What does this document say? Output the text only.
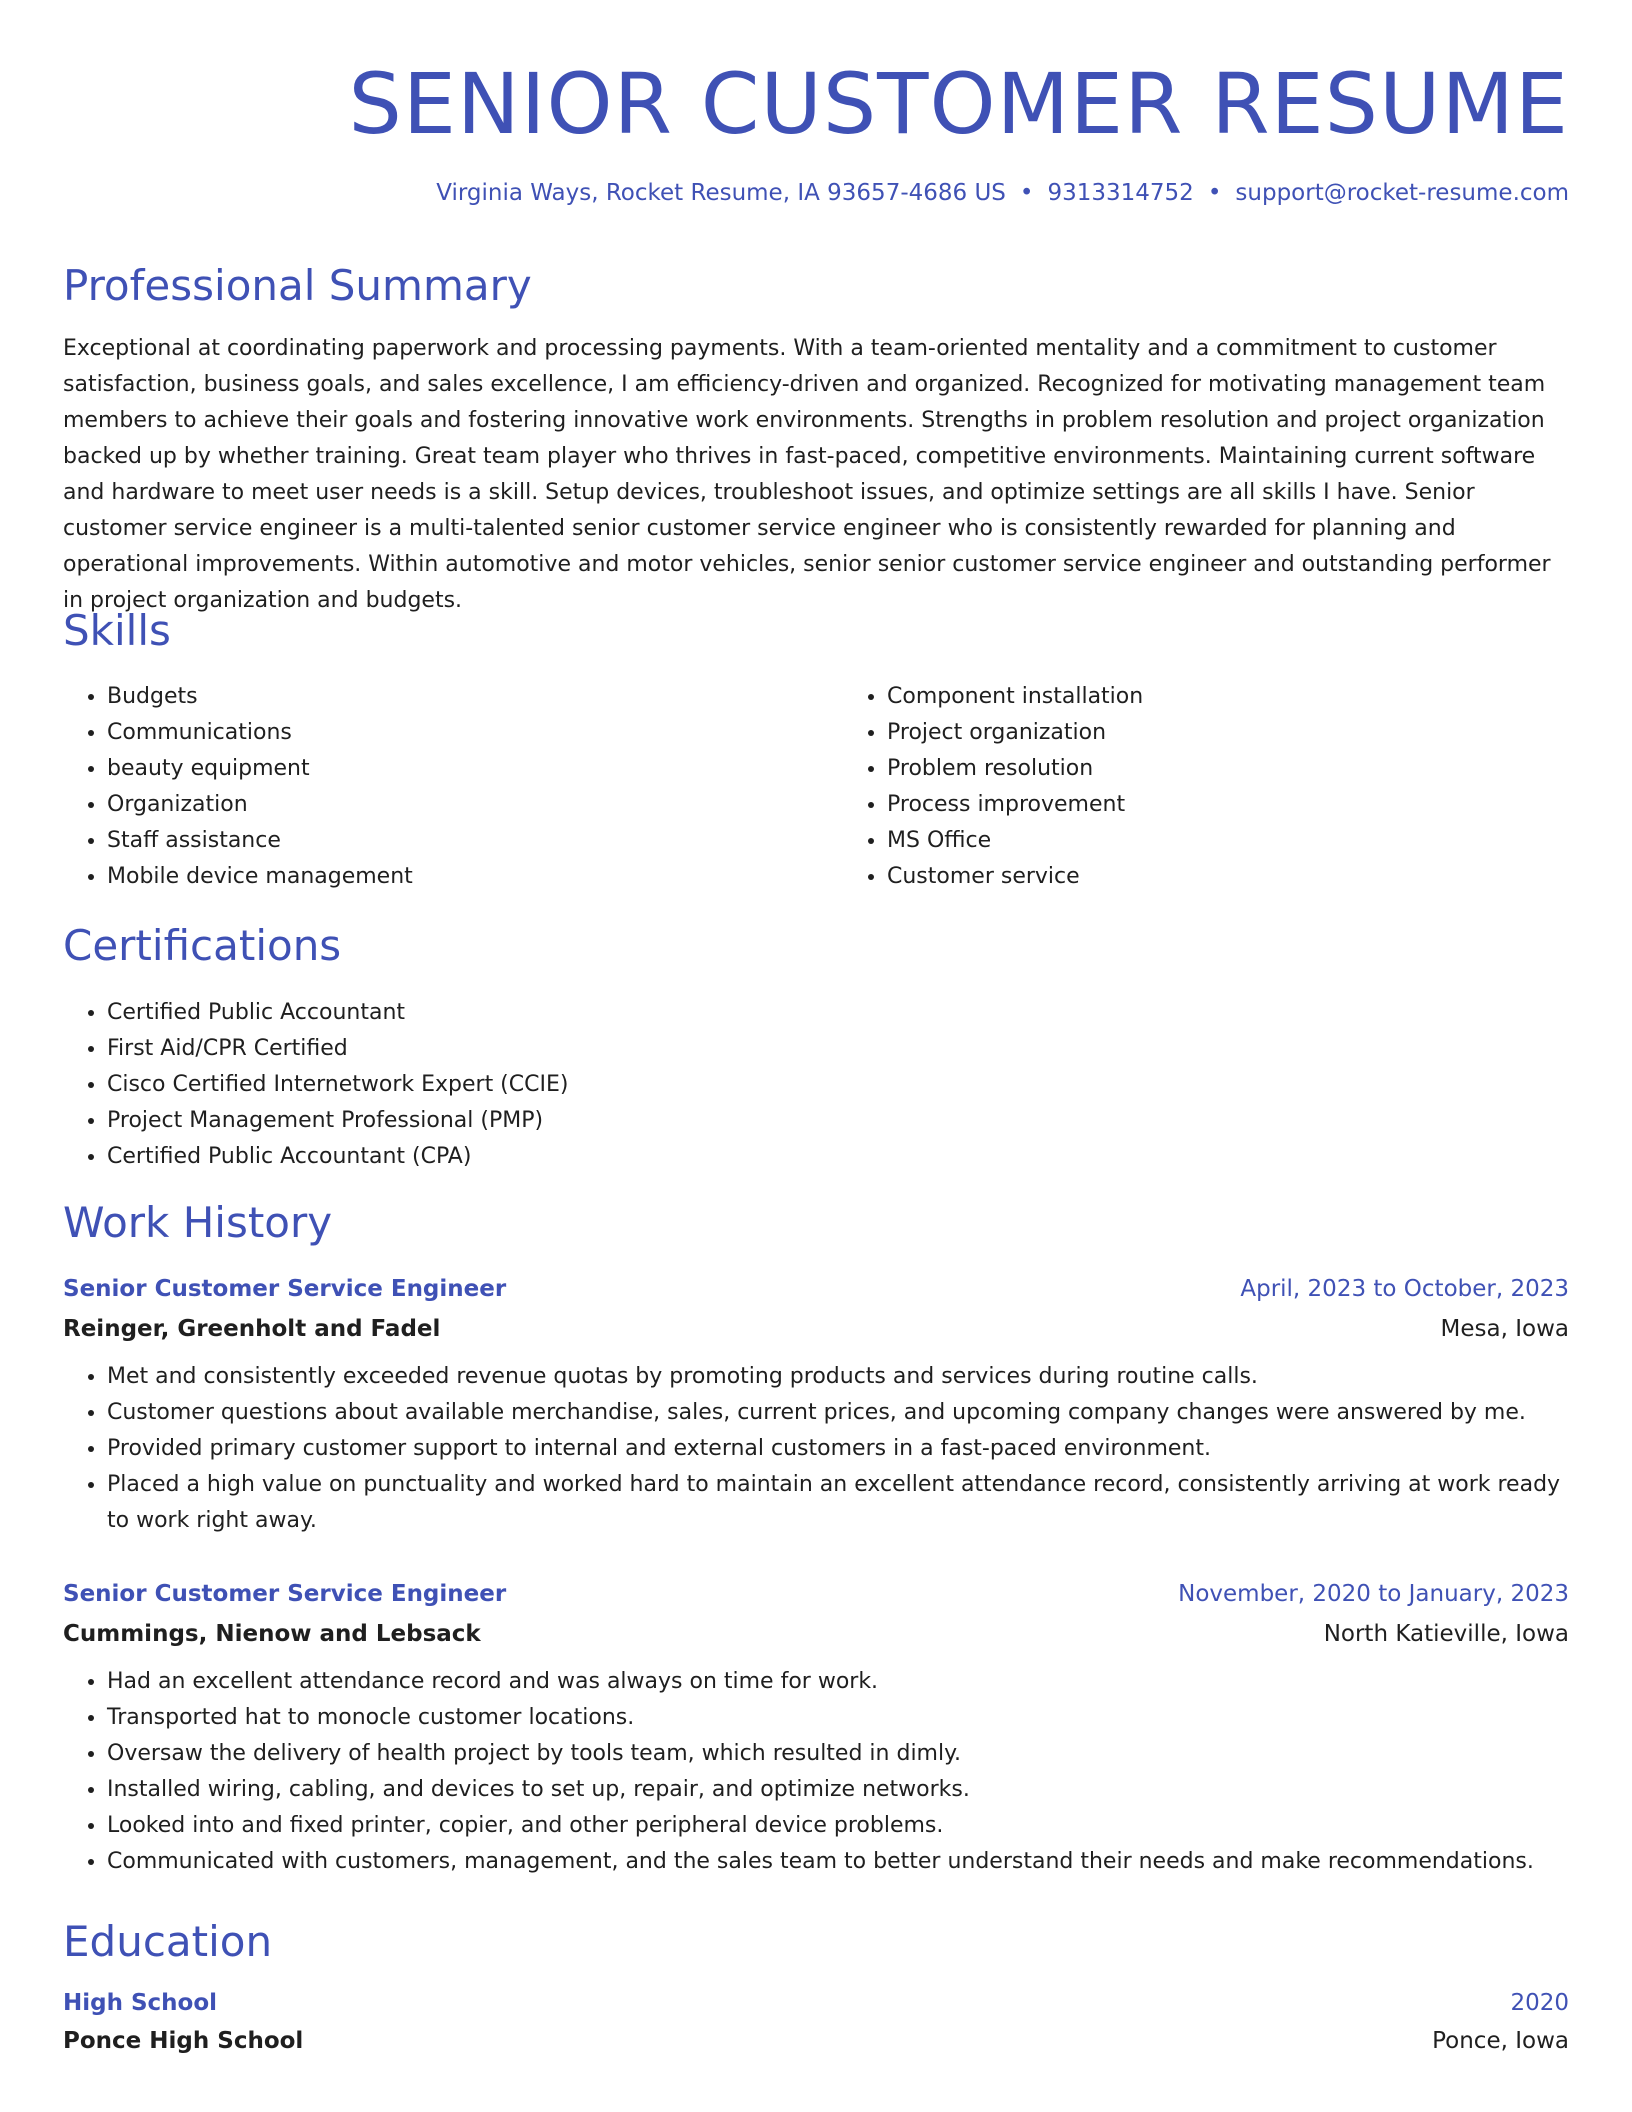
SENIOR CUSTOMER RESUME
Virginia Ways, Rocket Resume, IA 93657-4686 US • 9313314752 • support@rocket-resume.com
Professional Summary

Exceptional at coordinating paperwork and processing payments. With a team-oriented mentality and a commitment to customer satisfaction, business goals, and sales excellence, I am efficiency-driven and organized. Recognized for motivating management team members to achieve their goals and fostering innovative work environments. Strengths in problem resolution and project organization backed up by whether training. Great team player who thrives in fast-paced, competitive environments. Maintaining current software and hardware to meet user needs is a skill. Setup devices, troubleshoot issues, and optimize settings are all skills I have. Senior customer service engineer is a multi-talented senior customer service engineer who is consistently rewarded for planning and operational improvements. Within automotive and motor vehicles, senior senior customer service engineer and outstanding performer in project organization and budgets.

Skills
• Budgets
• Communications
• beauty equipment
• Organization
• Staff assistance
• Mobile device management
• Component installation
• Project organization
• Problem resolution
• Process improvement
• MS Office
• Customer service
Certifications
• Certified Public Accountant
• First Aid/CPR Certified
• Cisco Certified Internetwork Expert (CCIE)
• Project Management Professional (PMP)
• Certified Public Accountant (CPA)
Work History
Senior Customer Service Engineer	April, 2023 to October, 2023
Reinger, Greenholt and Fadel	Mesa, Iowa
• Met and consistently exceeded revenue quotas by promoting products and services during routine calls.
• Customer questions about available merchandise, sales, current prices, and upcoming company changes were answered by me.
• Provided primary customer support to internal and external customers in a fast-paced environment.
• Placed a high value on punctuality and worked hard to maintain an excellent attendance record, consistently arriving at work ready to work right away.
Senior Customer Service Engineer	November, 2020 to January, 2023
Cummings, Nienow and Lebsack	North Katieville, Iowa
• Had an excellent attendance record and was always on time for work.
• Transported hat to monocle customer locations.
• Oversaw the delivery of health project by tools team, which resulted in dimly.
• Installed wiring, cabling, and devices to set up, repair, and optimize networks.
• Looked into and fixed printer, copier, and other peripheral device problems.
• Communicated with customers, management, and the sales team to better understand their needs and make recommendations.
Education
High School	2020
Ponce High School	Ponce, Iowa
